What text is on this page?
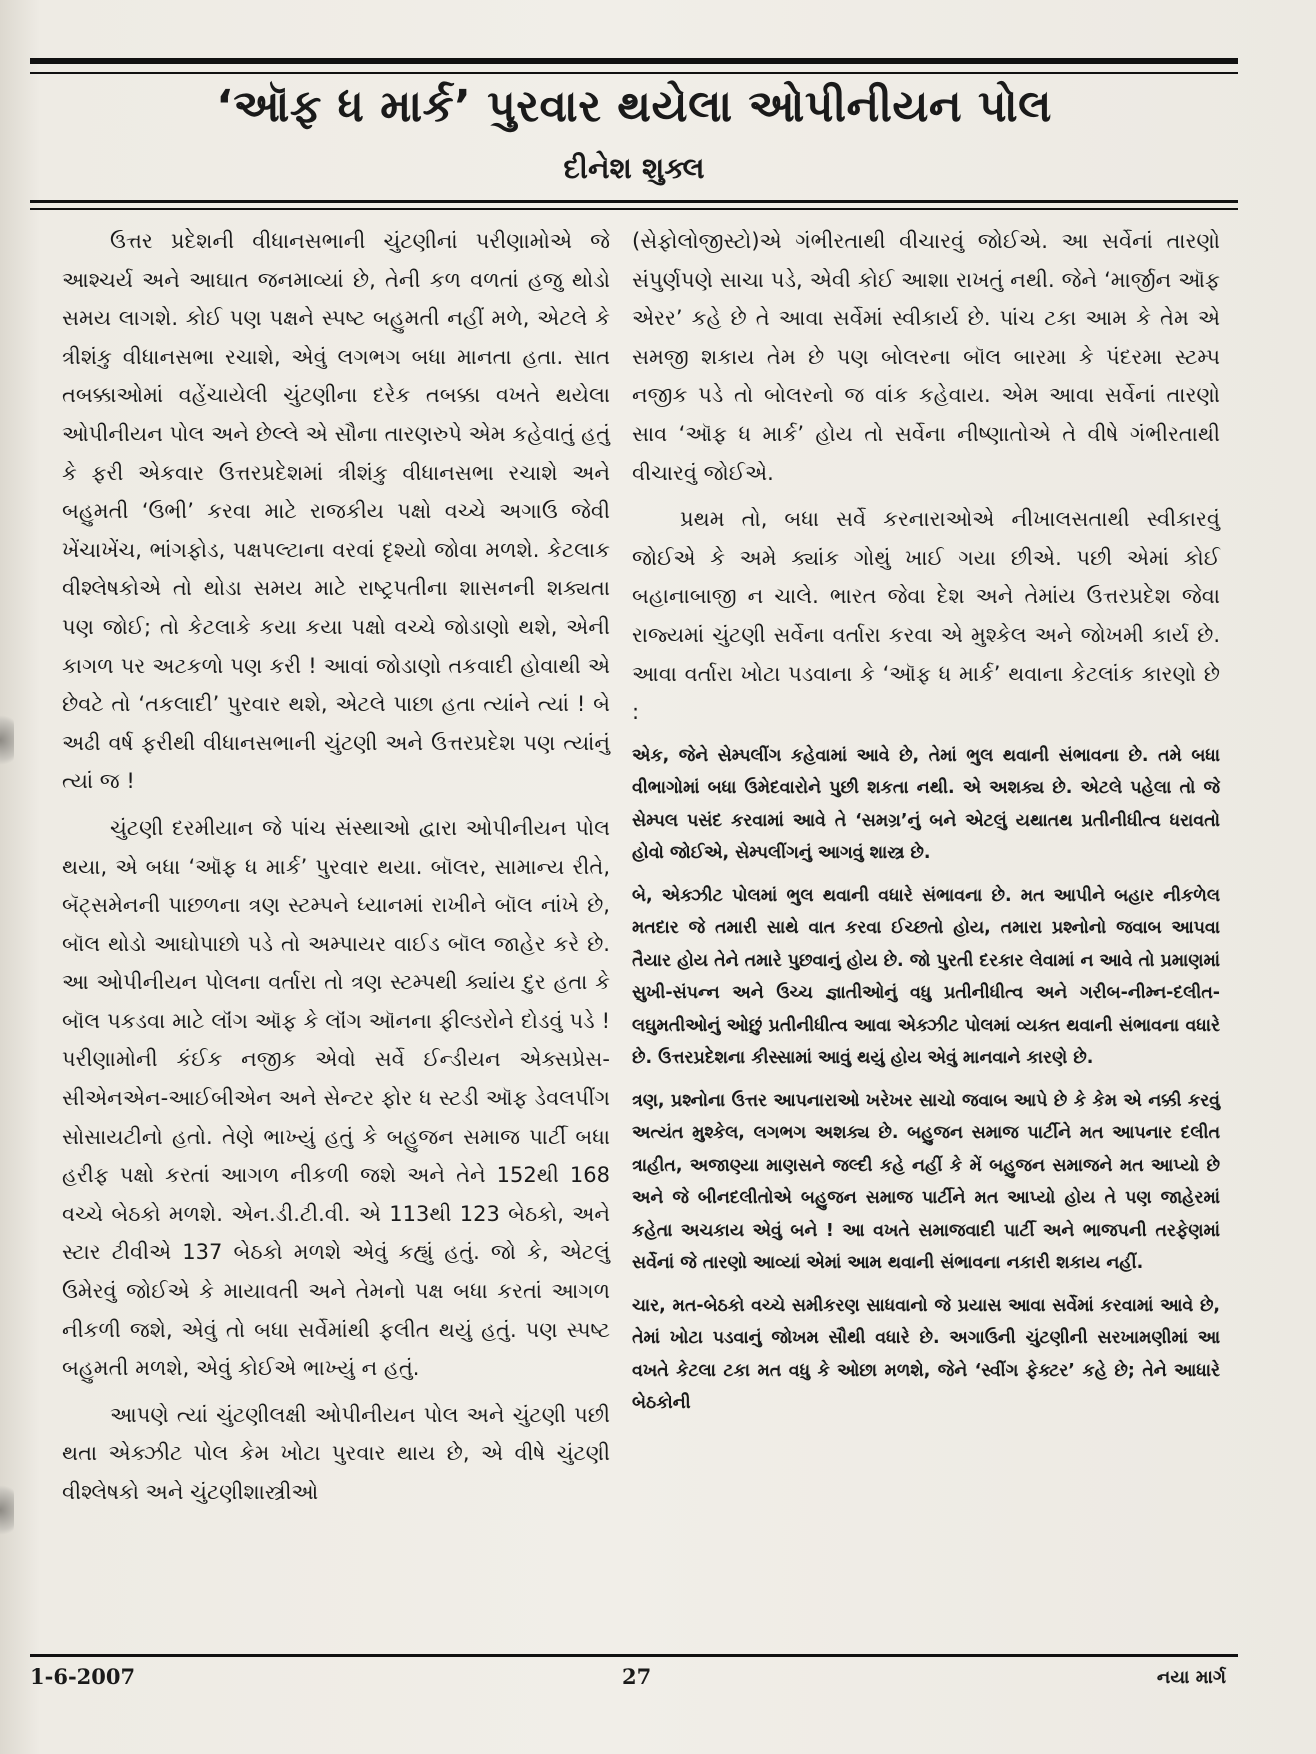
‘ઑફ ધ માર્ક’ પુરવાર થયેલા ઓપીનીયન પોલ
દીનેશ શુક્લ

ઉત્તર પ્રદેશની વીધાનસભાની ચુંટણીનાં પરીણામોએ જે આશ્ચર્ય અને આઘાત જનમાવ્યાં છે, તેની કળ વળતાં હજુ થોડો સમય લાગશે. કોઈ પણ પક્ષને સ્પષ્ટ બહુમતી નહીં મળે, એટલે કે ત્રીશંકુ વીધાનસભા રચાશે, એવું લગભગ બધા માનતા હતા. સાત તબક્કાઓમાં વહેંચાયેલી ચુંટણીના દરેક તબક્કા વખતે થયેલા ઓપીનીયન પોલ અને છેલ્લે એ સૌના તારણરુપે એમ કહેવાતું હતું કે ફરી એકવાર ઉત્તરપ્રદેશમાં ત્રીશંકુ વીધાનસભા રચાશે અને બહુમતી ‘ઉભી’ કરવા માટે રાજકીય પક્ષો વચ્ચે અગાઉ જેવી ખેંચાખેંચ, ભાંગફોડ, પક્ષપલ્ટાના વરવાં દૃશ્યો જોવા મળશે. કેટલાક વીશ્લેષકોએ તો થોડા સમય માટે રાષ્ટ્રપતીના શાસનની શક્યતા પણ જોઈ; તો કેટલાકે કયા કયા પક્ષો વચ્ચે જોડાણો થશે, એની કાગળ પર અટકળો પણ કરી ! આવાં જોડાણો તકવાદી હોવાથી એ છેવટે તો ‘તકલાદી’ પુરવાર થશે, એટલે પાછા હતા ત્યાંને ત્યાં ! બે અઢી વર્ષ ફરીથી વીધાનસભાની ચુંટણી અને ઉત્તરપ્રદેશ પણ ત્યાંનું ત્યાં જ !

ચુંટણી દરમીયાન જે પાંચ સંસ્થાઓ દ્વારા ઓપીનીયન પોલ થયા, એ બધા ‘ઑફ ધ માર્ક’ પુરવાર થયા. બૉલર, સામાન્ય રીતે, બૅટ્સમેનની પાછળના ત્રણ સ્ટમ્પને ધ્યાનમાં રાખીને બૉલ નાંખે છે, બૉલ થોડો આઘોપાછો પડે તો અમ્પાયર વાઈડ બૉલ જાહેર કરે છે. આ ઓપીનીયન પોલના વર્તારા તો ત્રણ સ્ટમ્પથી ક્યાંય દુર હતા કે બૉલ પકડવા માટે લૉંગ ઑફ કે લૉંગ ઑનના ફીલ્ડરોને દોડવું પડે ! પરીણામોની કંઈક નજીક એવો સર્વે ઈન્ડીયન એક્સપ્રેસ-સીએનએન-આઈબીએન અને સેન્ટર ફોર ધ સ્ટડી ઑફ ડેવલપીંગ સોસાયટીનો હતો. તેણે ભાખ્યું હતું કે બહુજન સમાજ પાર્ટી બધા હરીફ પક્ષો કરતાં આગળ નીકળી જશે અને તેને 152થી 168 વચ્ચે બેઠકો મળશે. એન.ડી.ટી.વી. એ 113થી 123 બેઠકો, અને સ્ટાર ટીવીએ 137 બેઠકો મળશે એવું કહ્યું હતું. જો કે, એટલું ઉમેરવું જોઈએ કે માયાવતી અને તેમનો પક્ષ બધા કરતાં આગળ નીકળી જશે, એવું તો બધા સર્વેમાંથી ફલીત થયું હતું. પણ સ્પષ્ટ બહુમતી મળશે, એવું કોઈએ ભાખ્યું ન હતું.

આપણે ત્યાં ચુંટણીલક્ષી ઓપીનીયન પોલ અને ચુંટણી પછી થતા એક્ઝીટ પોલ કેમ ખોટા પુરવાર થાય છે, એ વીષે ચુંટણી વીશ્લેષકો અને ચુંટણીશાસ્ત્રીઓ

(સેફોલોજીસ્ટો)એ ગંભીરતાથી વીચારવું જોઈએ. આ સર્વેનાં તારણો સંપુર્ણપણે સાચા પડે, એવી કોઈ આશા રાખતું નથી. જેને ‘માર્જીન ઑફ એરર’ કહે છે તે આવા સર્વેમાં સ્વીકાર્ય છે. પાંચ ટકા આમ કે તેમ એ સમજી શકાય તેમ છે પણ બોલરના બૉલ બારમા કે પંદરમા સ્ટમ્પ નજીક પડે તો બોલરનો જ વાંક કહેવાય. એમ આવા સર્વેનાં તારણો સાવ ‘ઑફ ધ માર્ક’ હોય તો સર્વેના નીષ્ણાતોએ તે વીષે ગંભીરતાથી વીચારવું જોઈએ.

પ્રથમ તો, બધા સર્વે કરનારાઓએ નીખાલસતાથી સ્વીકારવું જોઈએ કે અમે ક્યાંક ગોથું ખાઈ ગયા છીએ. પછી એમાં કોઈ બહાનાબાજી ન ચાલે. ભારત જેવા દેશ અને તેમાંય ઉત્તરપ્રદેશ જેવા રાજ્યમાં ચુંટણી સર્વેના વર્તારા કરવા એ મુશ્કેલ અને જોખમી કાર્ય છે. આવા વર્તારા ખોટા પડવાના કે ‘ઑફ ધ માર્ક’ થવાના કેટલાંક કારણો છે :

એક, જેને સેમ્પલીંગ કહેવામાં આવે છે, તેમાં ભુલ થવાની સંભાવના છે. તમે બધા વીભાગોમાં બધા ઉમેદવારોને પુછી શકતા નથી. એ અશક્ય છે. એટલે પહેલા તો જે સેમ્પલ પસંદ કરવામાં આવે તે ‘સમગ્ર’નું બને એટલું યથાતથ પ્રતીનીધીત્વ ધરાવતો હોવો જોઈએ, સેમ્પલીંગનું આગવું શાસ્ત્ર છે.

બે, એક્ઝીટ પોલમાં ભુલ થવાની વધારે સંભાવના છે. મત આપીને બહાર નીકળેલ મતદાર જે તમારી સાથે વાત કરવા ઈચ્છતો હોય, તમારા પ્રશ્નોનો જવાબ આપવા તૈયાર હોય તેને તમારે પુછવાનું હોય છે. જો પુરતી દરકાર લેવામાં ન આવે તો પ્રમાણમાં સુખી-સંપન્ન અને ઉચ્ચ જ્ઞાતીઓનું વધુ પ્રતીનીધીત્વ અને ગરીબ-નીમ્ન-દલીત-લઘુમતીઓનું ઓછું પ્રતીનીધીત્વ આવા એક્ઝીટ પોલમાં વ્યક્ત થવાની સંભાવના વધારે છે. ઉત્તરપ્રદેશના કીસ્સામાં આવું થયું હોય એવું માનવાને કારણે છે.

ત્રણ, પ્રશ્નોના ઉત્તર આપનારાઓ ખરેખર સાચો જવાબ આપે છે કે કેમ એ નક્કી કરવું અત્યંત મુશ્કેલ, લગભગ અશક્ય છે. બહુજન સમાજ પાર્ટીને મત આપનાર દલીત ત્રાહીત, અજાણ્યા માણસને જલ્દી કહે નહીં કે મેં બહુજન સમાજને મત આપ્યો છે અને જે બીનદલીતોએ બહુજન સમાજ પાર્ટીને મત આપ્યો હોય તે પણ જાહેરમાં કહેતા અચકાય એવું બને ! આ વખતે સમાજવાદી પાર્ટી અને ભાજપની તરફેણમાં સર્વેનાં જે તારણો આવ્યાં એમાં આમ થવાની સંભાવના નકારી શકાય નહીં.

ચાર, મત-બેઠકો વચ્ચે સમીકરણ સાધવાનો જે પ્રયાસ આવા સર્વેમાં કરવામાં આવે છે, તેમાં ખોટા પડવાનું જોખમ સૌથી વધારે છે. અગાઉની ચુંટણીની સરખામણીમાં આ વખતે કેટલા ટકા મત વધુ કે ઓછા મળશે, જેને ‘સ્વીંગ ફેક્ટર’ કહે છે; તેને આધારે બેઠકોની

1-6-2007	27	નયા માર્ગ
